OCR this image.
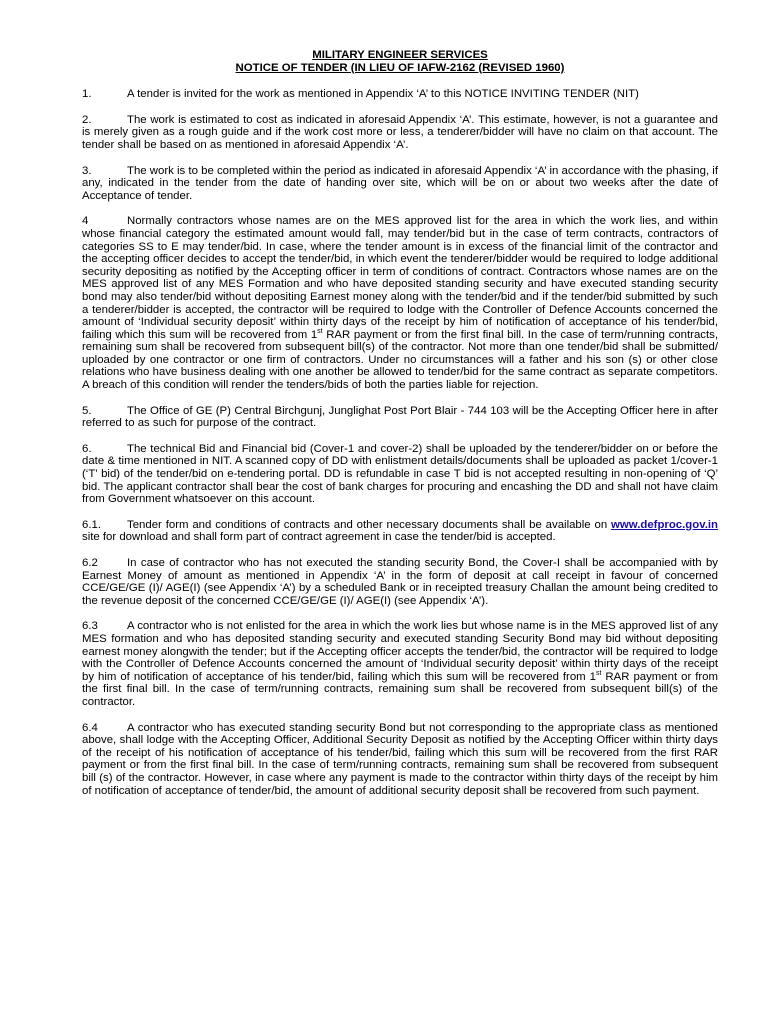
MILITARY ENGINEER SERVICES

NOTICE OF TENDER (IN LIEU OF IAFW-2162 (REVISED 1960)

1.	A tender is invited for the work as mentioned in Appendix ‘A’ to this NOTICE INVITING TENDER (NIT)

2.	The work is estimated to cost as indicated in aforesaid Appendix ‘A’. This estimate, however, is not a guarantee and is merely given as a rough guide and if the work cost more or less, a tenderer/bidder will have no claim on that account. The tender shall be based on as mentioned in aforesaid Appendix ‘A’.

3.	The work is to be completed within the period as indicated in aforesaid Appendix ‘A’ in accordance with the phasing, if any, indicated in the tender from the date of handing over site, which will be on or about two weeks after the date of Acceptance of tender.

4	Normally contractors whose names are on the MES approved list for the area in which the work lies, and within whose financial category the estimated amount would fall, may tender/bid but in the case of term contracts, contractors of categories SS to E may tender/bid. In case, where the tender amount is in excess of the financial limit of the contractor and the accepting officer decides to accept the tender/bid, in which event the tenderer/bidder would be required to lodge additional security depositing as notified by the Accepting officer in term of conditions of contract. Contractors whose names are on the MES approved list of any MES Formation and who have deposited standing security and have executed standing security bond may also tender/bid without depositing Earnest money along with the tender/bid and if the tender/bid submitted by such a tenderer/bidder is accepted, the contractor will be required to lodge with the Controller of Defence Accounts concerned the amount of ‘Individual security deposit’ within thirty days of the receipt by him of notification of acceptance of his tender/bid, failing which this sum will be recovered from 1st RAR payment or from the first final bill. In the case of term/running contracts, remaining sum shall be recovered from subsequent bill(s) of the contractor. Not more than one tender/bid shall be submitted/ uploaded by one contractor or one firm of contractors. Under no circumstances will a father and his son (s) or other close relations who have business dealing with one another be allowed to tender/bid for the same contract as separate competitors. A breach of this condition will render the tenders/bids of both the parties liable for rejection.

5.	The Office of GE (P) Central Birchgunj, Junglighat Post Port Blair - 744 103 will be the Accepting Officer here in after referred to as such for purpose of the contract.

6.	The technical Bid and Financial bid (Cover-1 and cover-2) shall be uploaded by the tenderer/bidder on or before the date & time mentioned in NIT. A scanned copy of DD with enlistment details/documents shall be uploaded as packet 1/cover-1 (‘T’ bid) of the tender/bid on e-tendering portal. DD is refundable in case T bid is not accepted resulting in non-opening of ‘Q’ bid. The applicant contractor shall bear the cost of bank charges for procuring and encashing the DD and shall not have claim from Government whatsoever on this account.

6.1. Tender form and conditions of contracts and other necessary documents shall be available on www.defproc.gov.in site for download and shall form part of contract agreement in case the tender/bid is accepted.

6.2	In case of contractor who has not executed the standing security Bond, the Cover-I shall be accompanied with by Earnest Money of amount as mentioned in Appendix ‘A’ in the form of deposit at call receipt in favour of concerned CCE/GE/GE (I)/ AGE(I) (see Appendix ‘A’) by a scheduled Bank or in receipted treasury Challan the amount being credited to the revenue deposit of the concerned CCE/GE/GE (I)/ AGE(I) (see Appendix ‘A’).

6.3	A contractor who is not enlisted for the area in which the work lies but whose name is in the MES approved list of any MES formation and who has deposited standing security and executed standing Security Bond may bid without depositing earnest money alongwith the tender; but if the Accepting officer accepts the tender/bid, the contractor will be required to lodge with the Controller of Defence Accounts concerned the amount of ‘Individual security deposit’ within thirty days of the receipt by him of notification of acceptance of his tender/bid, failing which this sum will be recovered from 1st RAR payment or from the first final bill. In the case of term/running contracts, remaining sum shall be recovered from subsequent bill(s) of the contractor.

6.4	A contractor who has executed standing security Bond but not corresponding to the appropriate class as mentioned above, shall lodge with the Accepting Officer, Additional Security Deposit as notified by the Accepting Officer within thirty days of the receipt of his notification of acceptance of his tender/bid, failing which this sum will be recovered from the first RAR payment or from the first final bill. In the case of term/running contracts, remaining sum shall be recovered from subsequent bill (s) of the contractor. However, in case where any payment is made to the contractor within thirty days of the receipt by him of notification of acceptance of tender/bid, the amount of additional security deposit shall be recovered from such payment.
